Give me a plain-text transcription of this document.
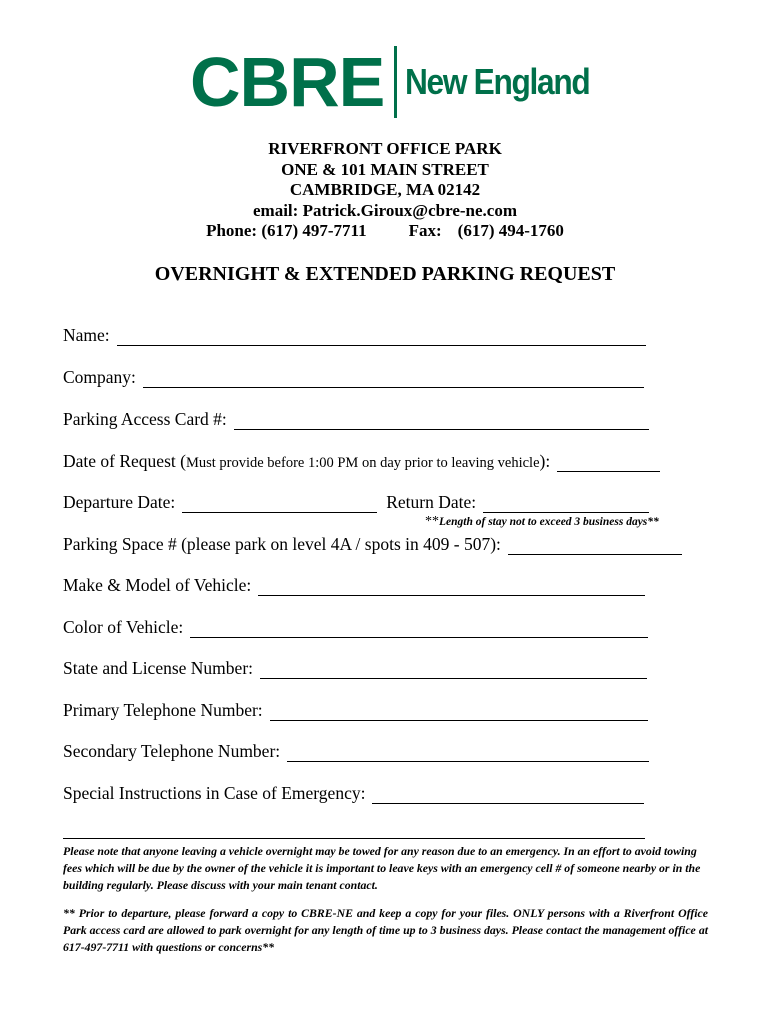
CBRE New England
RIVERFRONT OFFICE PARK
ONE & 101 MAIN STREET
CAMBRIDGE, MA 02142
email: Patrick.Giroux@cbre-ne.com
Phone: (617) 497-7711 Fax: (617) 494-1760
OVERNIGHT & EXTENDED PARKING REQUEST
Name:
Company:
Parking Access Card #:
Date of Request ( Must provide before 1:00 PM on day prior to leaving vehicle ):
Departure Date:	Return Date:
**Length of stay not to exceed 3 business days**
Parking Space # (please park on level 4A / spots in 409 - 507):
Make & Model of Vehicle:
Color of Vehicle:
State and License Number:
Primary Telephone Number:
Secondary Telephone Number:
Special Instructions in Case of Emergency:
Please note that anyone leaving a vehicle overnight may be towed for any reason due to an emergency. In an effort to avoid towing fees which will be due by the owner of the vehicle it is important to leave keys with an emergency cell # of someone nearby or in the building regularly. Please discuss with your main tenant contact.
** Prior to departure, please forward a copy to CBRE-NE and keep a copy for your files. ONLY persons with a Riverfront Office Park access card are allowed to park overnight for any length of time up to 3 business days. Please contact the management office at 617-497-7711 with questions or concerns**
